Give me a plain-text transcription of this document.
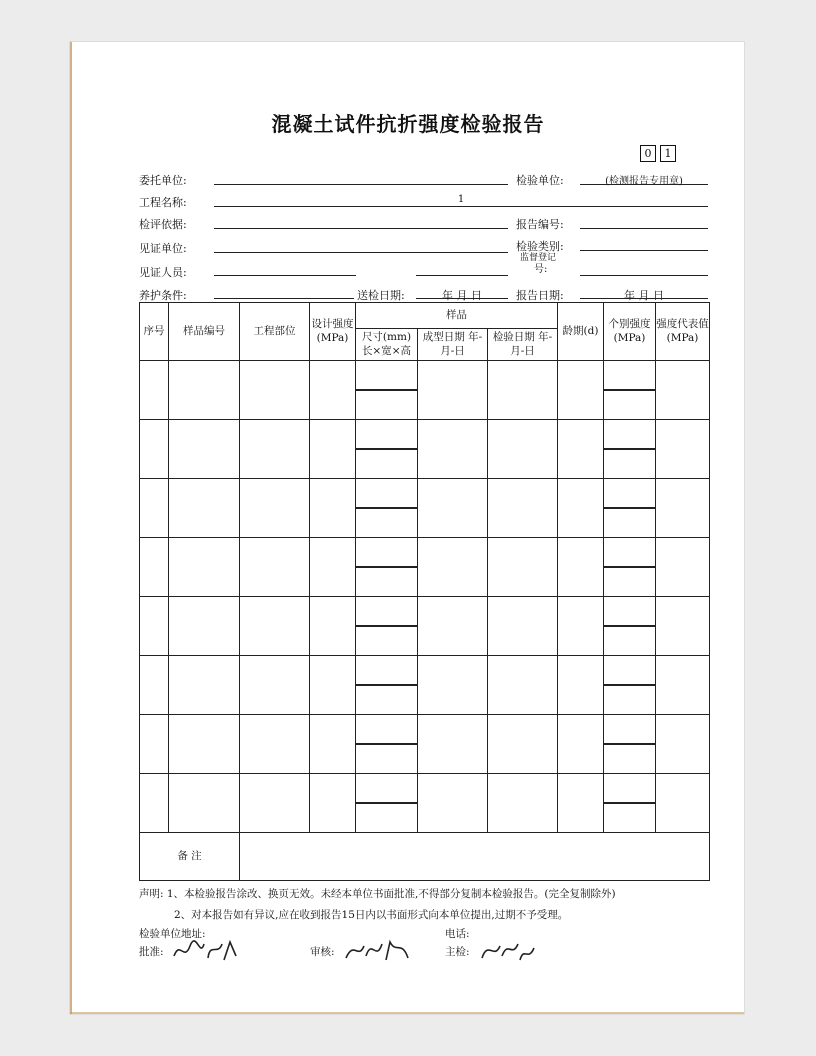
混凝土试件抗折强度检验报告
0	1
委托单位:	检验单位:	(检测报告专用章)
工程名称:	1
检评依据:	报告编号:
见证单位:	检验类别:
监督登记
号:
见证人员:
养护条件:	送检日期:	年 月 日	报告日期:	年 月 日
序号	样品编号	工程部位	设计强度(MPa)	样品			龄期(d)	个别强度(MPa)	强度代表值(MPa)
				尺寸(mm) 长×宽×高	成型日期 年-月-日	检验日期 年-月-日			

备 注									
声明: 1、本检验报告涂改、换页无效。未经本单位书面批准,不得部分复制本检验报告。(完全复制除外)
2、对本报告如有异议,应在收到报告15日内以书面形式向本单位提出,过期不予受理。
检验单位地址:	电话:
批准:	审核:	主检:
